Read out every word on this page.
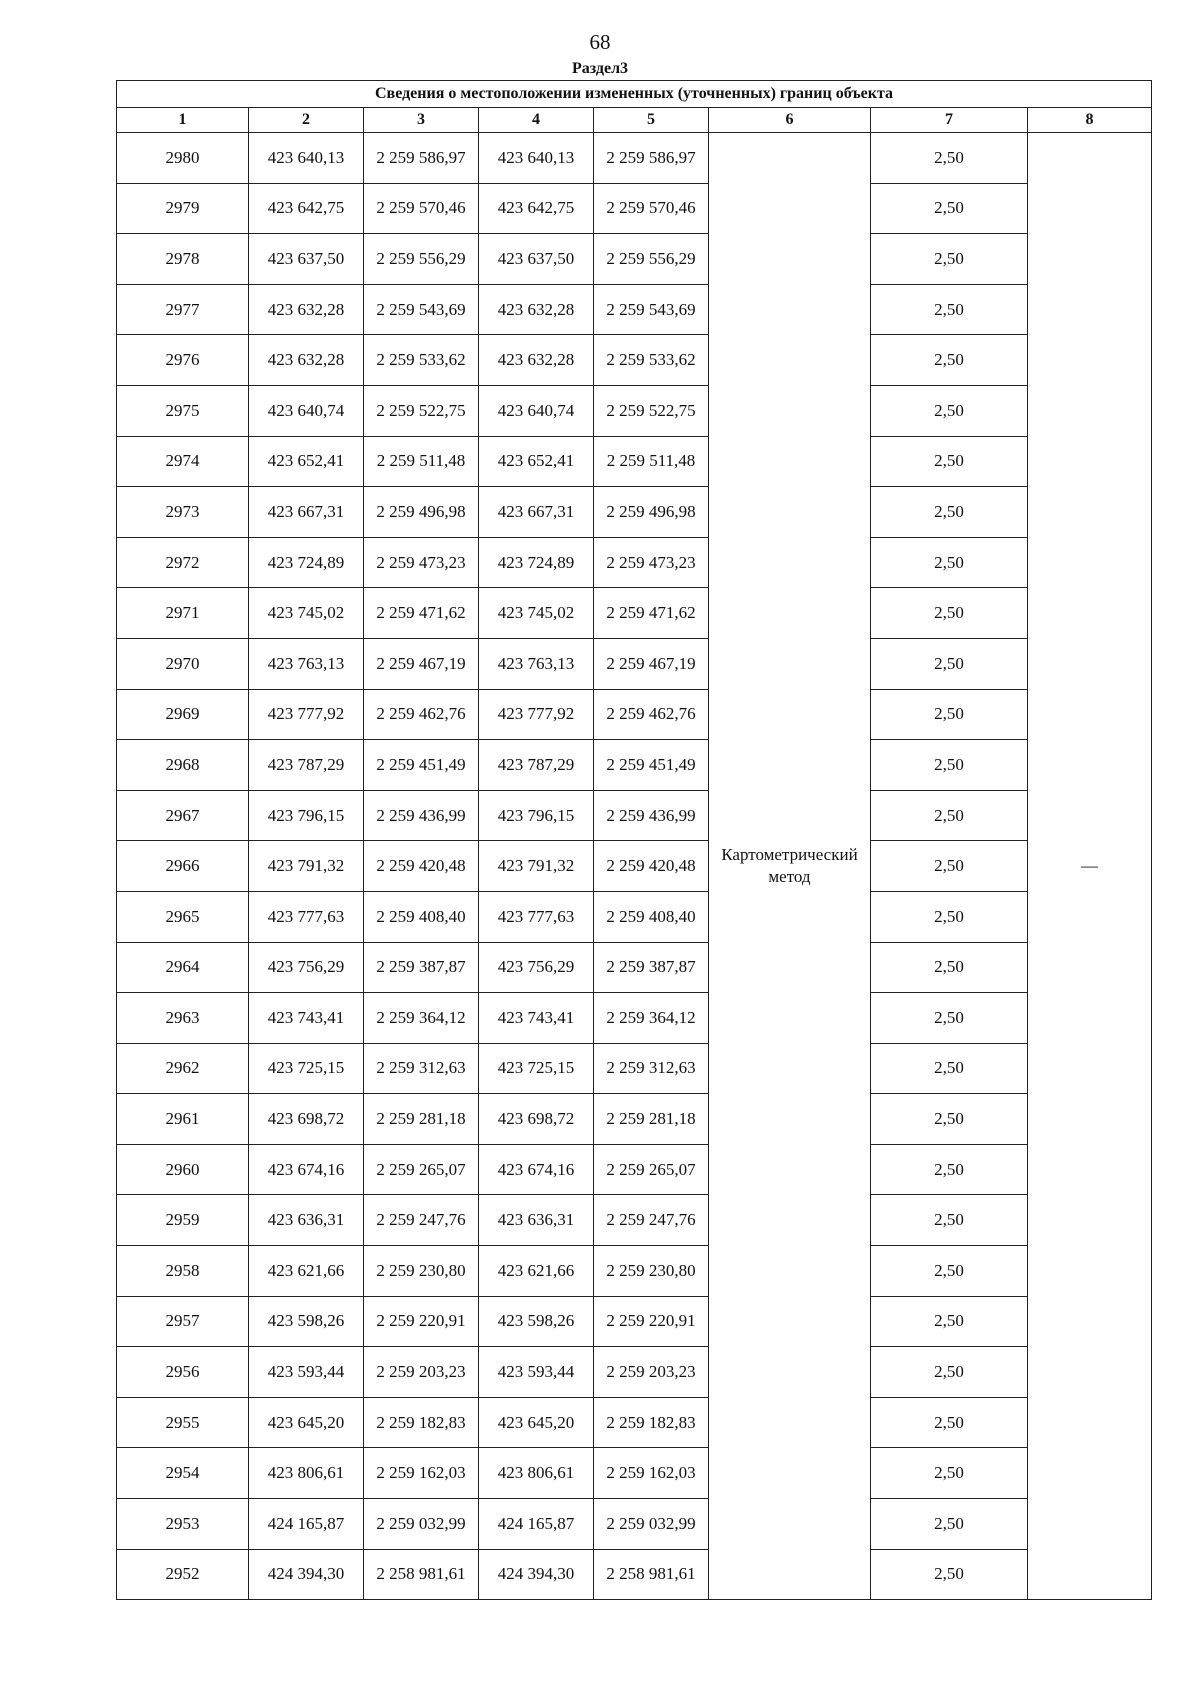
68
Раздел3
Сведения о местоположении измененных (уточненных) границ объекта							
1	2	3	4	5	6	7	8
2980	423 640,13	2 259 586,97	423 640,13	2 259 586,97	Картометрический метод	2,50	—
2979	423 642,75	2 259 570,46	423 642,75	2 259 570,46		2,50	
2978	423 637,50	2 259 556,29	423 637,50	2 259 556,29		2,50	
2977	423 632,28	2 259 543,69	423 632,28	2 259 543,69		2,50	
2976	423 632,28	2 259 533,62	423 632,28	2 259 533,62		2,50	
2975	423 640,74	2 259 522,75	423 640,74	2 259 522,75		2,50	
2974	423 652,41	2 259 511,48	423 652,41	2 259 511,48		2,50	
2973	423 667,31	2 259 496,98	423 667,31	2 259 496,98		2,50	
2972	423 724,89	2 259 473,23	423 724,89	2 259 473,23		2,50	
2971	423 745,02	2 259 471,62	423 745,02	2 259 471,62		2,50	
2970	423 763,13	2 259 467,19	423 763,13	2 259 467,19		2,50	
2969	423 777,92	2 259 462,76	423 777,92	2 259 462,76		2,50	
2968	423 787,29	2 259 451,49	423 787,29	2 259 451,49		2,50	
2967	423 796,15	2 259 436,99	423 796,15	2 259 436,99		2,50	
2966	423 791,32	2 259 420,48	423 791,32	2 259 420,48		2,50	
2965	423 777,63	2 259 408,40	423 777,63	2 259 408,40		2,50	
2964	423 756,29	2 259 387,87	423 756,29	2 259 387,87		2,50	
2963	423 743,41	2 259 364,12	423 743,41	2 259 364,12		2,50	
2962	423 725,15	2 259 312,63	423 725,15	2 259 312,63		2,50	
2961	423 698,72	2 259 281,18	423 698,72	2 259 281,18		2,50	
2960	423 674,16	2 259 265,07	423 674,16	2 259 265,07		2,50	
2959	423 636,31	2 259 247,76	423 636,31	2 259 247,76		2,50	
2958	423 621,66	2 259 230,80	423 621,66	2 259 230,80		2,50	
2957	423 598,26	2 259 220,91	423 598,26	2 259 220,91		2,50	
2956	423 593,44	2 259 203,23	423 593,44	2 259 203,23		2,50	
2955	423 645,20	2 259 182,83	423 645,20	2 259 182,83		2,50	
2954	423 806,61	2 259 162,03	423 806,61	2 259 162,03		2,50	
2953	424 165,87	2 259 032,99	424 165,87	2 259 032,99		2,50	
2952	424 394,30	2 258 981,61	424 394,30	2 258 981,61		2,50	
